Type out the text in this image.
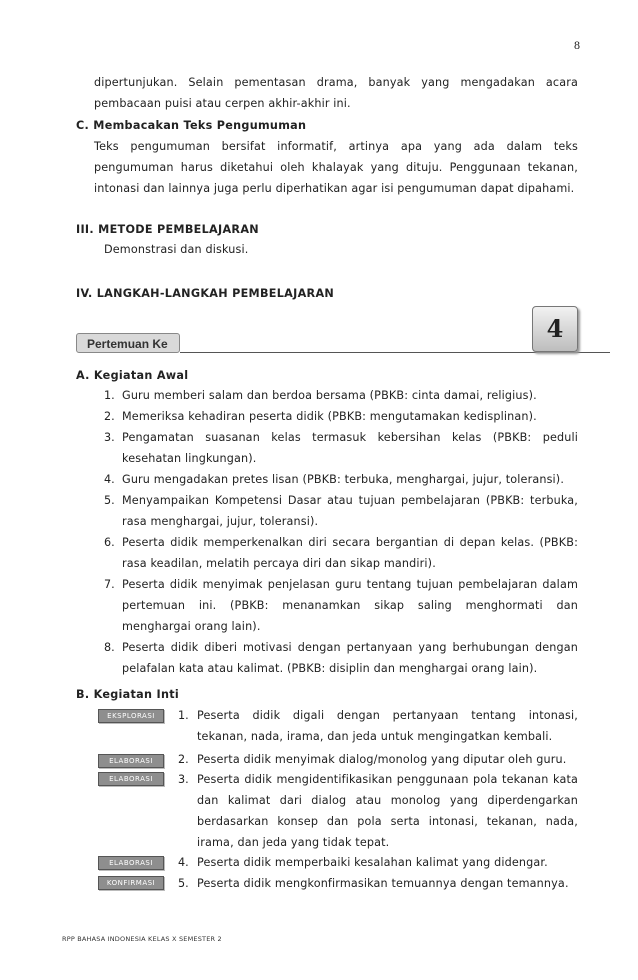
8
dipertunjukan. Selain pementasan drama, banyak yang mengadakan acara
pembacaan puisi atau cerpen akhir-akhir ini.
C. Membacakan Teks Pengumuman
Teks pengumuman bersifat informatif, artinya apa yang ada dalam teks
pengumuman harus diketahui oleh khalayak yang dituju. Penggunaan tekanan,
intonasi dan lainnya juga perlu diperhatikan agar isi pengumuman dapat dipahami.
III. METODE PEMBELAJARAN
Demonstrasi dan diskusi.
IV. LANGKAH-LANGKAH PEMBELAJARAN
Pertemuan Ke
4
A. Kegiatan Awal
1. Guru memberi salam dan berdoa bersama (PBKB: cinta damai, religius).
2. Memeriksa kehadiran peserta didik (PBKB: mengutamakan kedisplinan).
3. Pengamatan suasanan kelas termasuk kebersihan kelas (PBKB: peduli
kesehatan lingkungan).
4. Guru mengadakan pretes lisan (PBKB: terbuka, menghargai, jujur, toleransi).
5. Menyampaikan Kompetensi Dasar atau tujuan pembelajaran (PBKB: terbuka,
rasa menghargai, jujur, toleransi).
6. Peserta didik memperkenalkan diri secara bergantian di depan kelas. (PBKB:
rasa keadilan, melatih percaya diri dan sikap mandiri).
7. Peserta didik menyimak penjelasan guru tentang tujuan pembelajaran dalam
pertemuan ini. (PBKB: menanamkan sikap saling menghormati dan
menghargai orang lain).
8. Peserta didik diberi motivasi dengan pertanyaan yang berhubungan dengan
pelafalan kata atau kalimat. (PBKB: disiplin dan menghargai orang lain).
B. Kegiatan Inti
EKSPLORASI	1. Peserta didik digali dengan pertanyaan tentang intonasi,
tekanan, nada, irama, dan jeda untuk mengingatkan kembali.
ELABORASI	2. Peserta didik menyimak dialog/monolog yang diputar oleh guru.
ELABORASI	3. Peserta didik mengidentifikasikan penggunaan pola tekanan kata
dan kalimat dari dialog atau monolog yang diperdengarkan
berdasarkan konsep dan pola serta intonasi, tekanan, nada,
irama, dan jeda yang tidak tepat.
ELABORASI	4. Peserta didik memperbaiki kesalahan kalimat yang didengar.
KONFIRMASI	5. Peserta didik mengkonfirmasikan temuannya dengan temannya.
RPP BAHASA INDONESIA KELAS X SEMESTER 2
